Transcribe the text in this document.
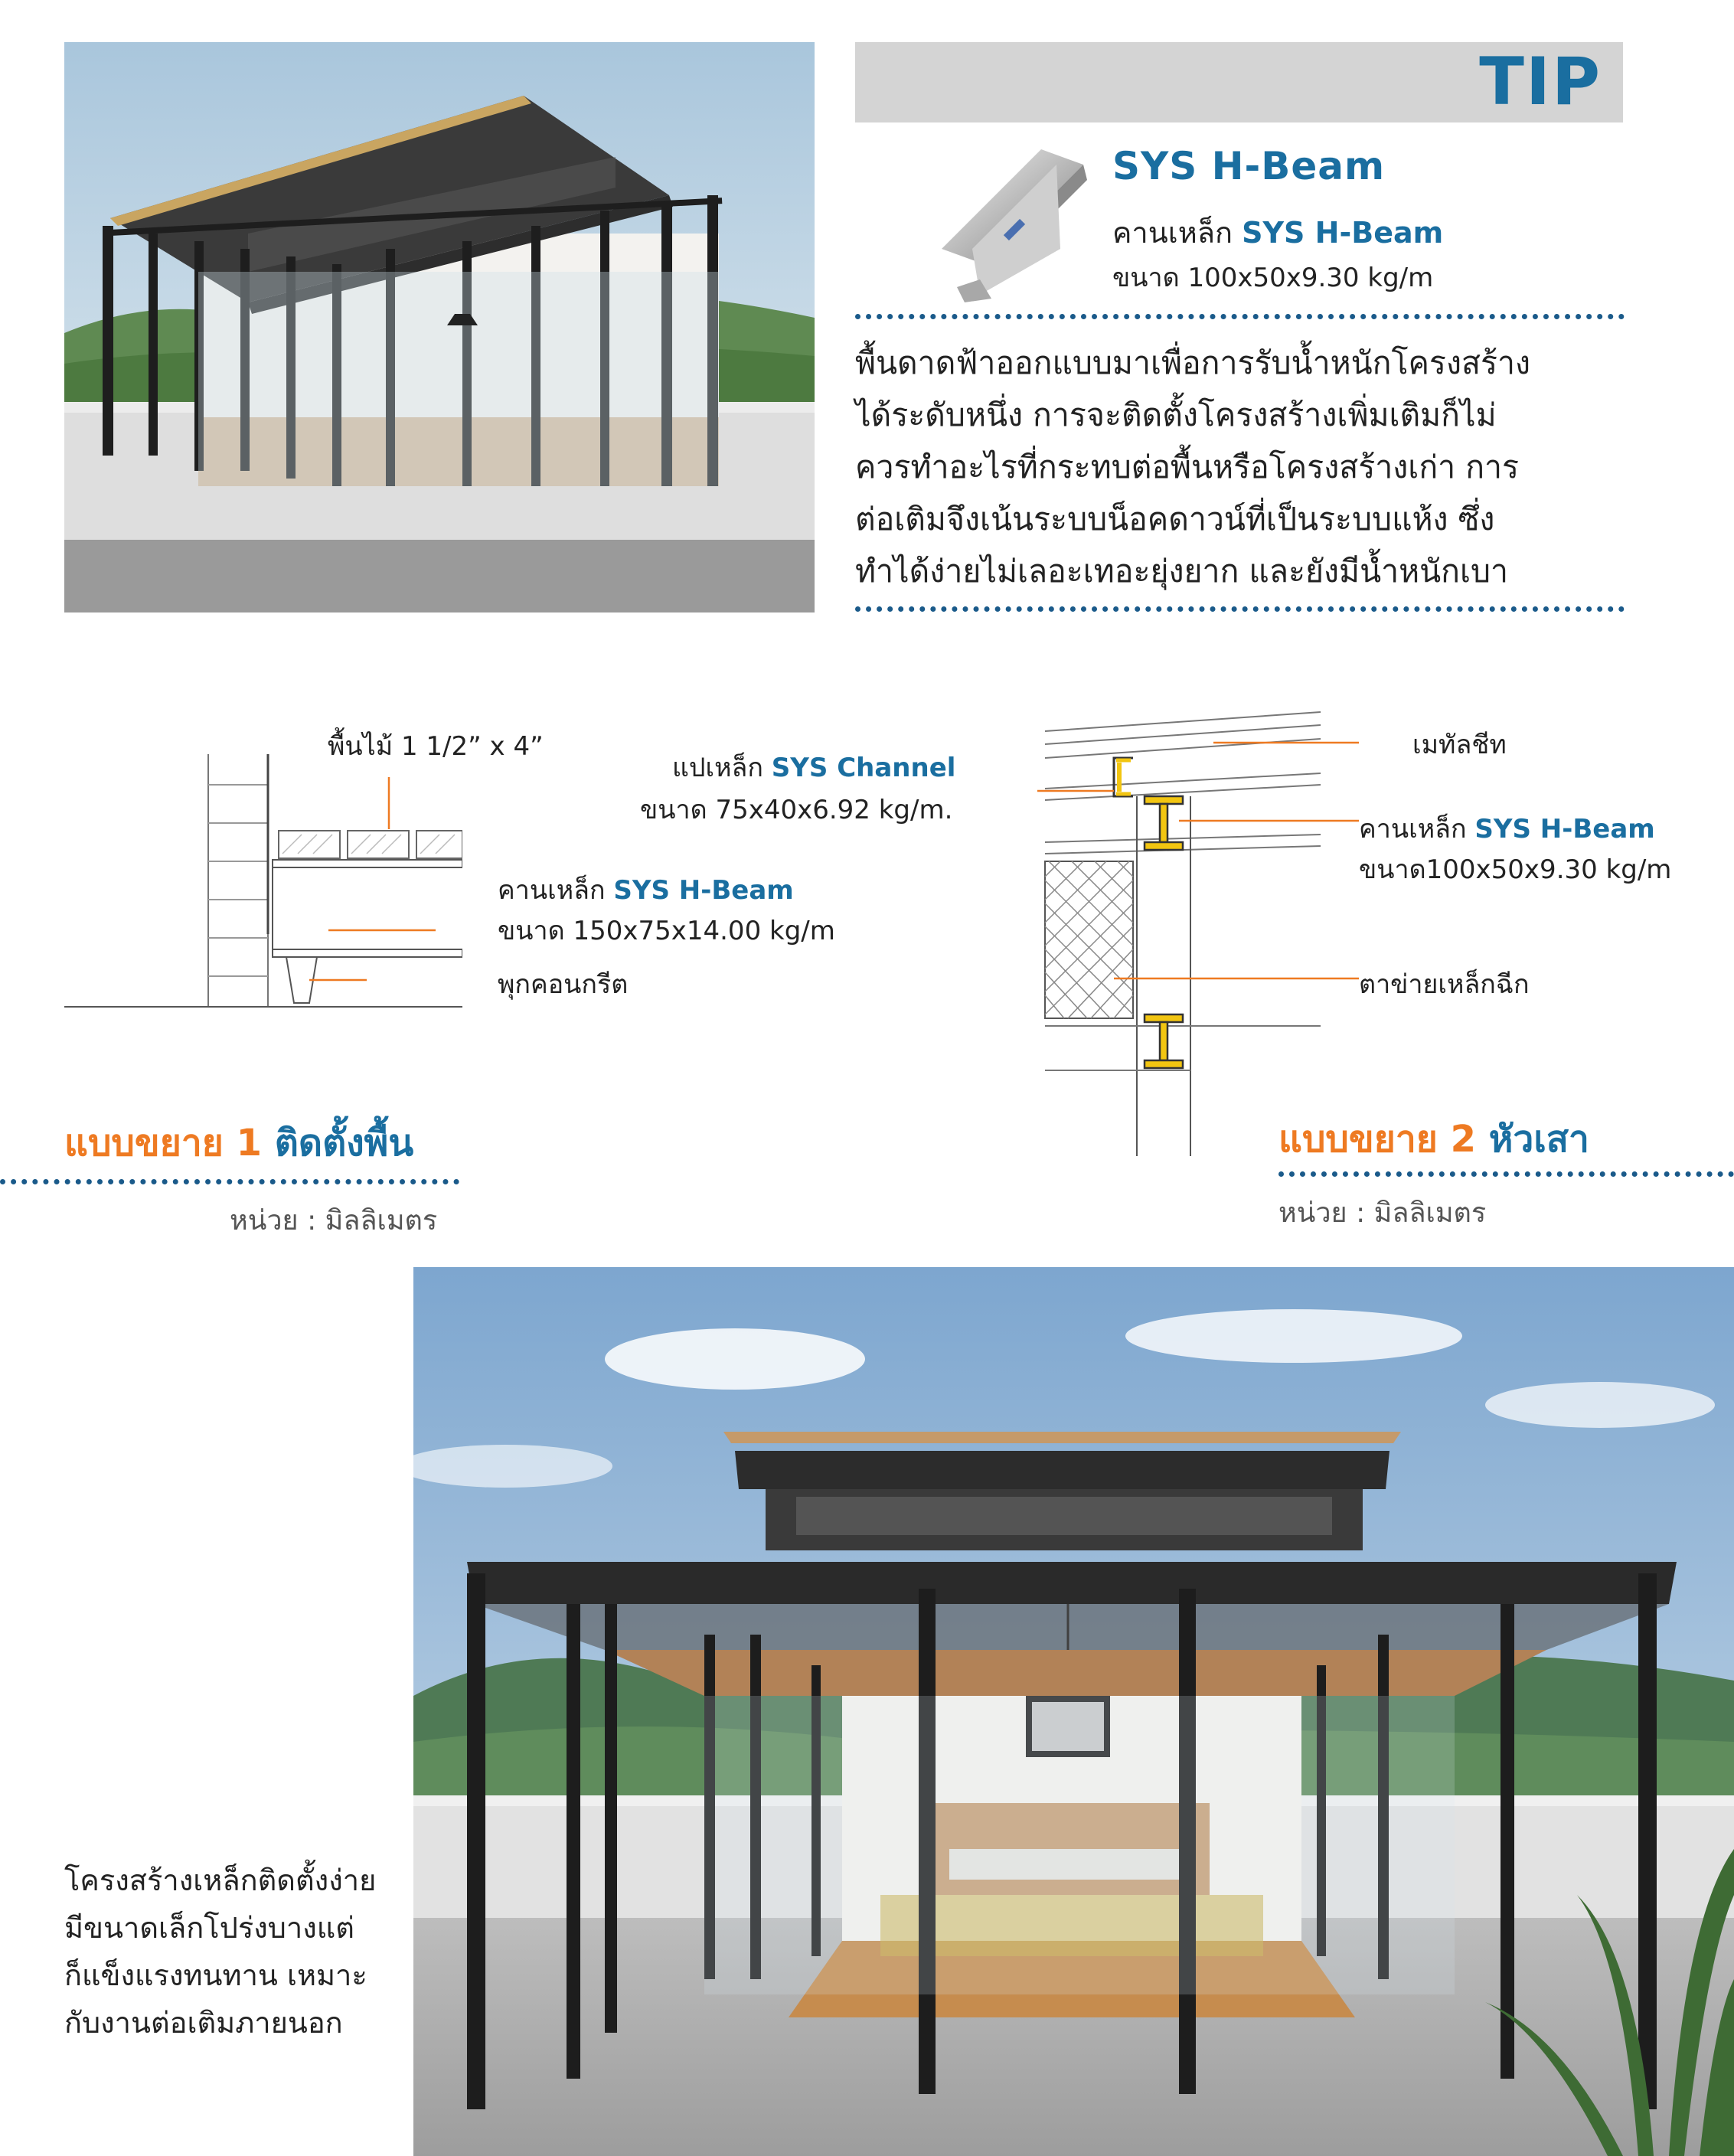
TIP
SYS H-Beam
คานเหล็ก SYS H-Beam
ขนาด 100x50x9.30 kg/m
พื้นดาดฟ้าออกแบบมาเพื่อการรับน้ำหนักโครงสร้าง
ได้ระดับหนึ่ง การจะติดตั้งโครงสร้างเพิ่มเติมก็ไม่
ควรทำอะไรที่กระทบต่อพื้นหรือโครงสร้างเก่า การ
ต่อเติมจึงเน้นระบบน็อคดาวน์ที่เป็นระบบแห้ง ซึ่ง
ทำได้ง่ายไม่เลอะเทอะยุ่งยาก และยังมีน้ำหนักเบา
พื้นไม้ 1 1/2” x 4”
คานเหล็ก SYS H-Beam
ขนาด 150x75x14.00 kg/m
พุกคอนกรีต
แบบขยาย 1 ติดตั้งพื้น
หน่วย : มิลลิเมตร
แปเหล็ก SYS Channel
ขนาด 75x40x6.92 kg/m.
เมทัลชีท
คานเหล็ก SYS H-Beam
ขนาด100x50x9.30 kg/m
ตาข่ายเหล็กฉีก
แบบขยาย 2 หัวเสา
หน่วย : มิลลิเมตร
โครงสร้างเหล็กติดตั้งง่าย
มีขนาดเล็กโปร่งบางแต่
ก็แข็งแรงทนทาน เหมาะ
กับงานต่อเติมภายนอก
